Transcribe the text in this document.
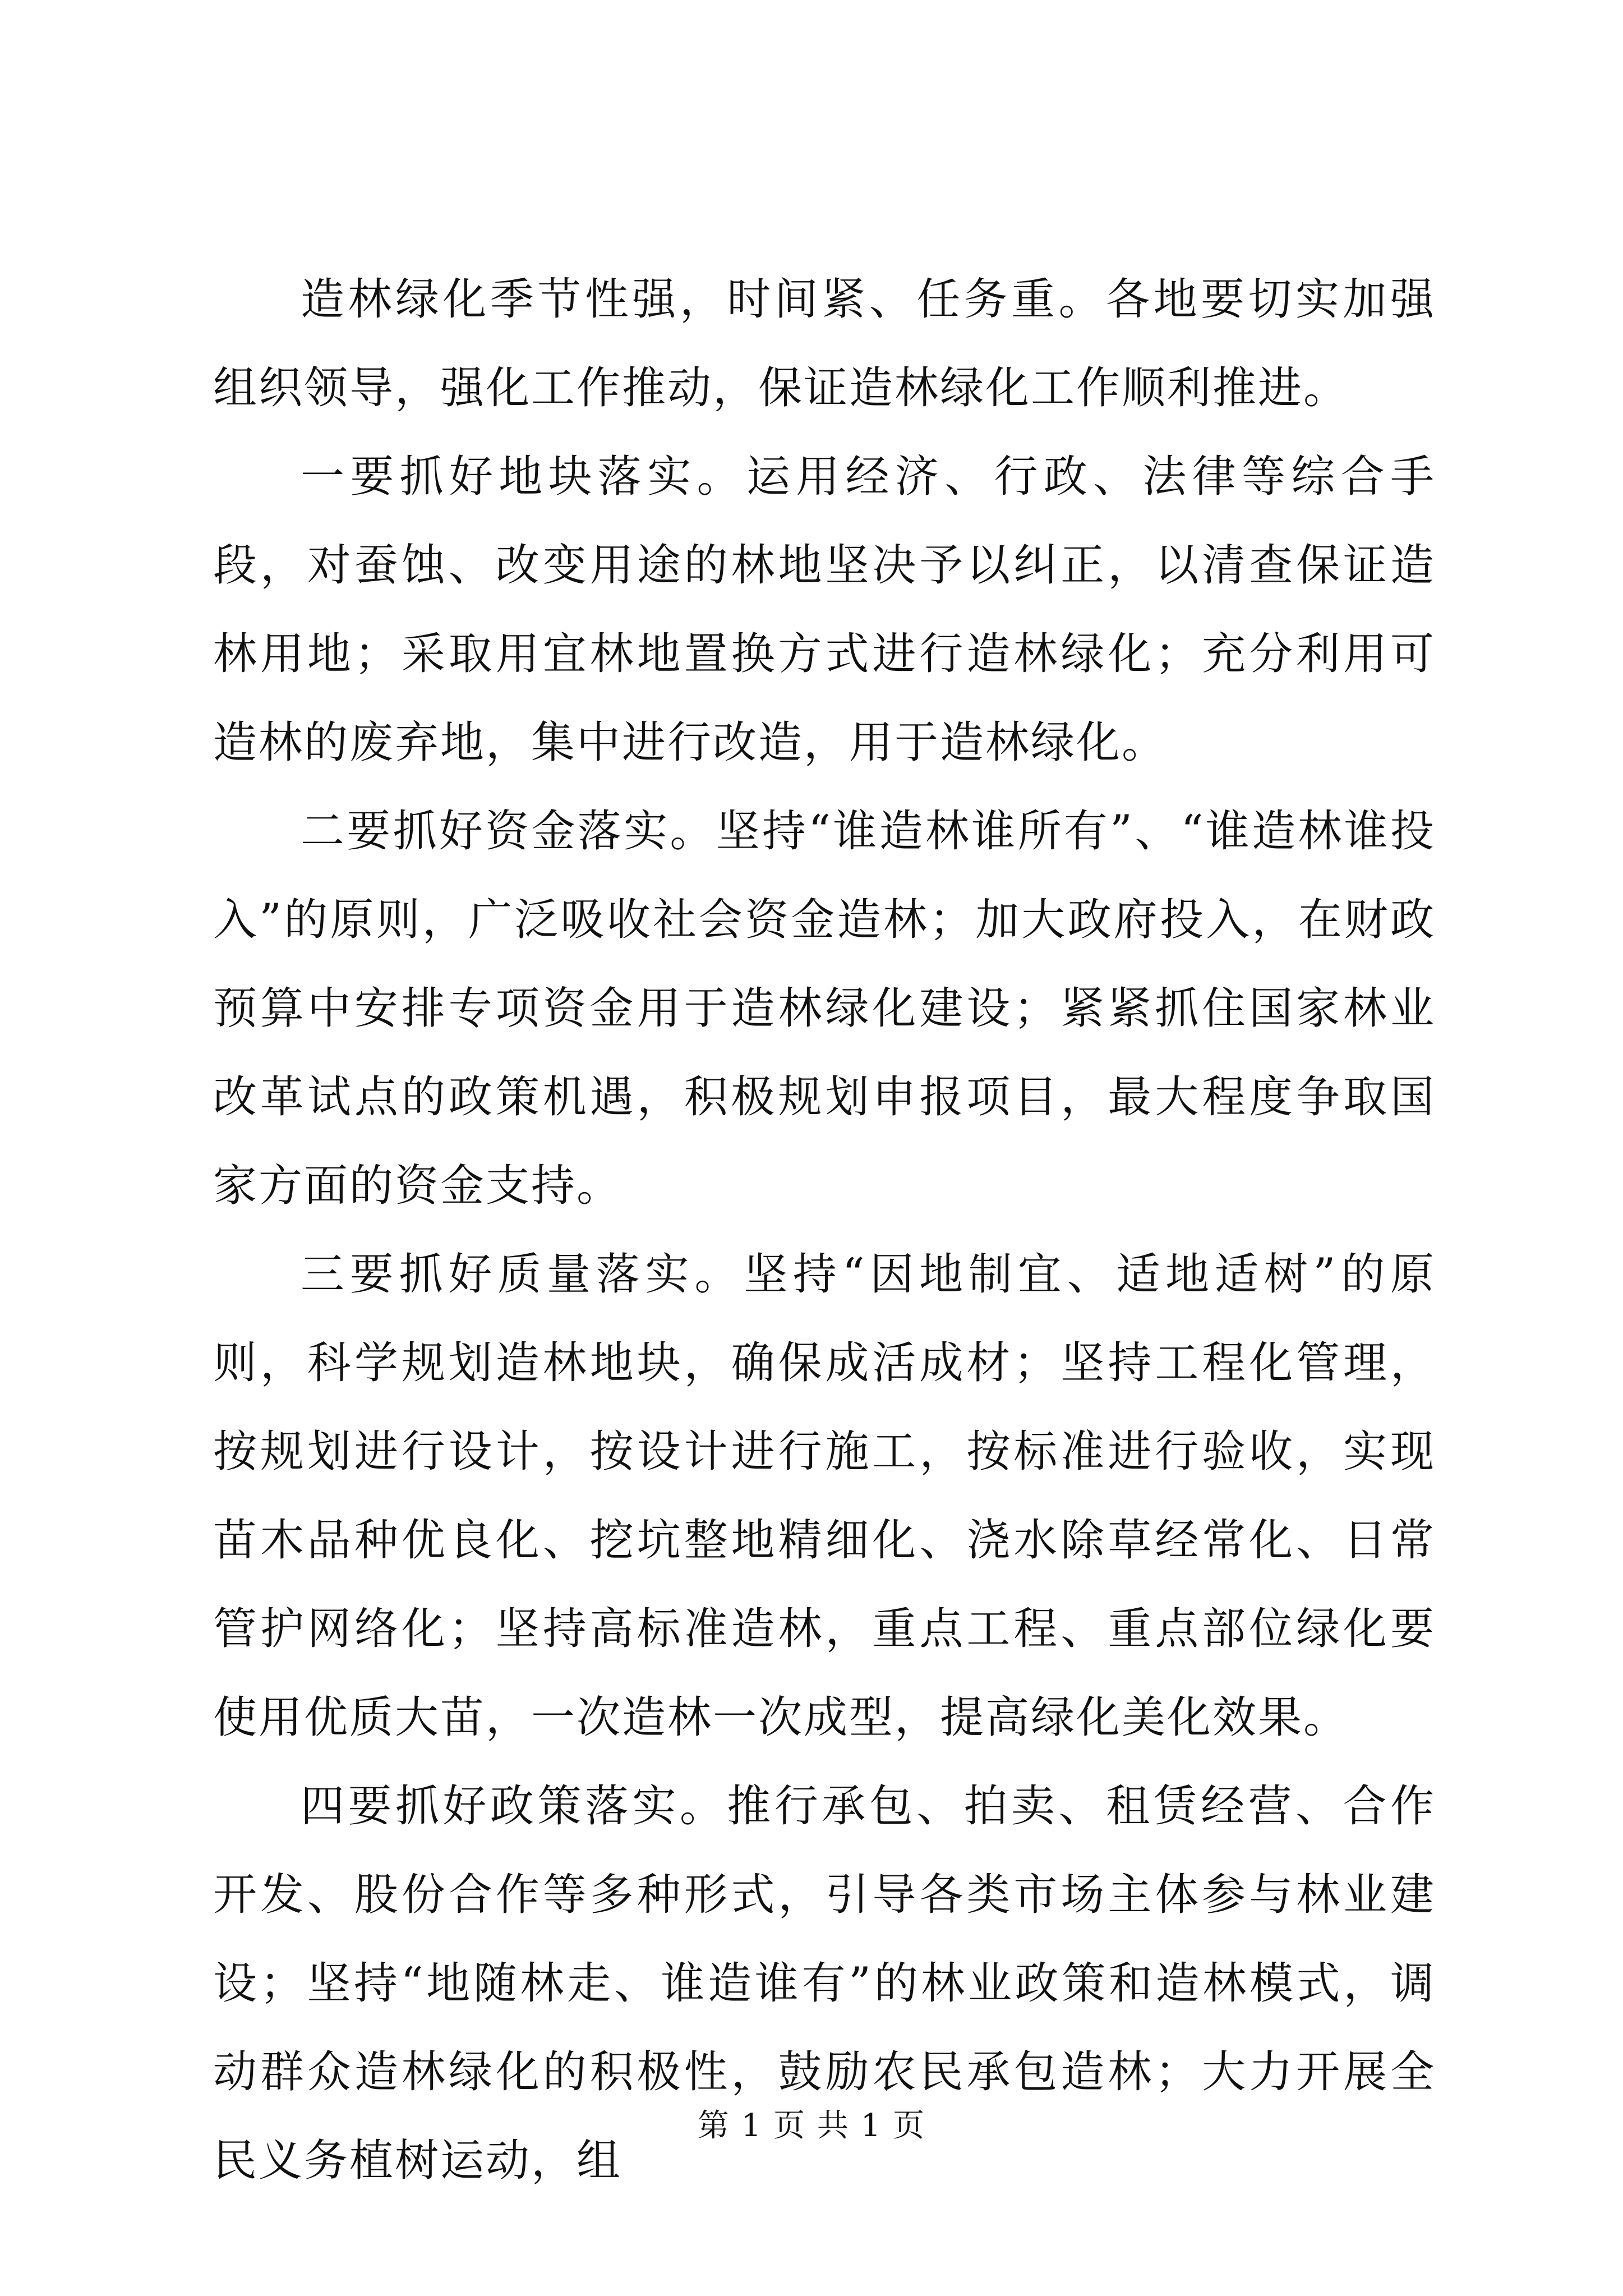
造林绿化季节性强，时间紧、任务重。各地要切实加强组织领导，强化工作推动，保证造林绿化工作顺利推进。

一要抓好地块落实。运用经济、行政、法律等综合手段，对蚕蚀、改变用途的林地坚决予以纠正，以清查保证造林用地；采取用宜林地置换方式进行造林绿化；充分利用可造林的废弃地，集中进行改造，用于造林绿化。

二要抓好资金落实。坚持“谁造林谁所有”、“谁造林谁投入”的原则，广泛吸收社会资金造林；加大政府投入，在财政预算中安排专项资金用于造林绿化建设；紧紧抓住国家林业改革试点的政策机遇，积极规划申报项目，最大程度争取国家方面的资金支持。

三要抓好质量落实。坚持“因地制宜、适地适树”的原则，科学规划造林地块，确保成活成材；坚持工程化管理，按规划进行设计，按设计进行施工，按标准进行验收，实现苗木品种优良化、挖坑整地精细化、浇水除草经常化、日常管护网络化；坚持高标准造林，重点工程、重点部位绿化要使用优质大苗，一次造林一次成型，提高绿化美化效果。

四要抓好政策落实。推行承包、拍卖、租赁经营、合作开发、股份合作等多种形式，引导各类市场主体参与林业建设；坚持“地随林走、谁造谁有”的林业政策和造林模式，调动群众造林绿化的积极性，鼓励农民承包造林；大力开展全民义务植树运动，组

第 1 页 共 1 页
